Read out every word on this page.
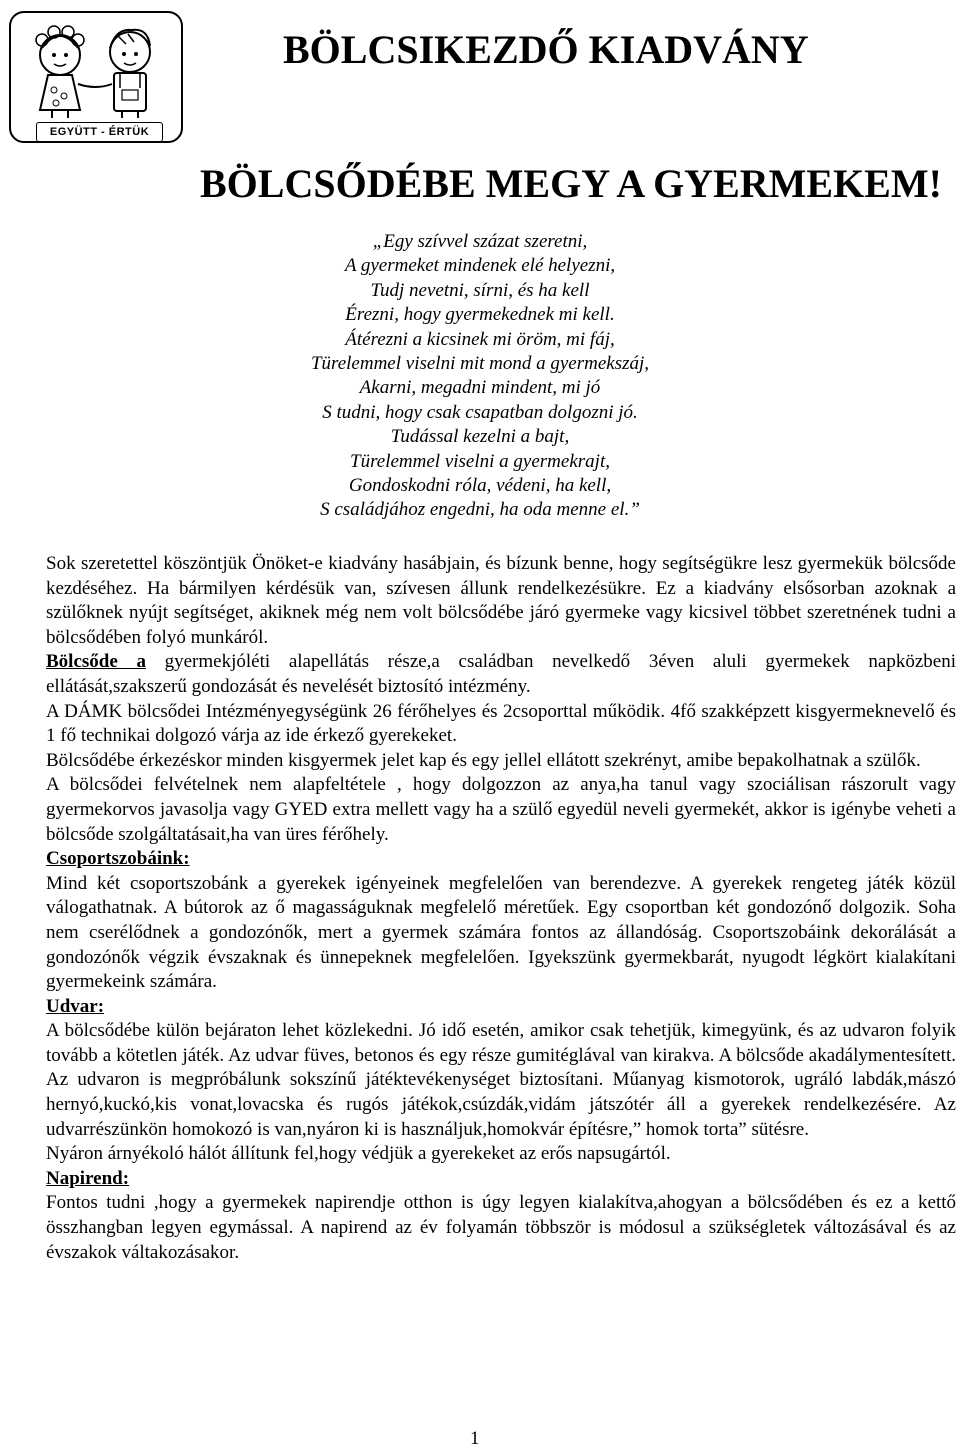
EGYÜTT - ÉRTÜK
BÖLCSIKEZDŐ KIADVÁNY
BÖLCSŐDÉBE MEGY A GYERMEKEM!
„Egy szívvel százat szeretni,
A gyermeket mindenek elé helyezni,
Tudj nevetni, sírni, és ha kell
Érezni, hogy gyermekednek mi kell.
Átérezni a kicsinek mi öröm, mi fáj,
Türelemmel viselni mit mond a gyermekszáj,
Akarni, megadni mindent, mi jó
S tudni, hogy csak csapatban dolgozni jó.
Tudással kezelni a bajt,
Türelemmel viselni a gyermekrajt,
Gondoskodni róla, védeni, ha kell,
S családjához engedni, ha oda menne el.”

Sok szeretettel köszöntjük Önöket-e kiadvány hasábjain, és bízunk benne, hogy segítségükre lesz gyermekük bölcsőde kezdéséhez. Ha bármilyen kérdésük van, szívesen állunk rendelkezésükre. Ez a kiadvány elsősorban azoknak a szülőknek nyújt segítséget, akiknek még nem volt bölcsődébe járó gyermeke vagy kicsivel többet szeretnének tudni a bölcsődében folyó munkáról.

Bölcsőde a gyermekjóléti alapellátás része,a családban nevelkedő 3éven aluli gyermekek napközbeni ellátását,szakszerű gondozását és nevelését biztosító intézmény.

A DÁMK bölcsődei Intézményegységünk 26 férőhelyes és 2csoporttal működik. 4fő szakképzett kisgyermeknevelő és 1 fő technikai dolgozó várja az ide érkező gyerekeket.

Bölcsődébe érkezéskor minden kisgyermek jelet kap és egy jellel ellátott szekrényt, amibe bepakolhatnak a szülők.

A bölcsődei felvételnek nem alapfeltétele , hogy dolgozzon az anya,ha tanul vagy szociálisan rászorult vagy gyermekorvos javasolja vagy GYED extra mellett vagy ha a szülő egyedül neveli gyermekét, akkor is igénybe veheti a bölcsőde szolgáltatásait,ha van üres férőhely.

Csoportszobáink:

Mind két csoportszobánk a gyerekek igényeinek megfelelően van berendezve. A gyerekek rengeteg játék közül válogathatnak. A bútorok az ő magasságuknak megfelelő méretűek. Egy csoportban két gondozónő dolgozik. Soha nem cserélődnek a gondozónők, mert a gyermek számára fontos az állandóság. Csoportszobáink dekorálását a gondozónők végzik évszaknak és ünnepeknek megfelelően. Igyekszünk gyermekbarát, nyugodt légkört kialakítani gyermekeink számára.

Udvar:

A bölcsődébe külön bejáraton lehet közlekedni. Jó idő esetén, amikor csak tehetjük, kimegyünk, és az udvaron folyik tovább a kötetlen játék. Az udvar füves, betonos és egy része gumitéglával van kirakva. A bölcsőde akadálymentesített. Az udvaron is megpróbálunk sokszínű játéktevékenységet biztosítani. Műanyag kismotorok, ugráló labdák,mászó hernyó,kuckó,kis vonat,lovacska és rugós játékok,csúzdák,vidám játszótér áll a gyerekek rendelkezésére. Az udvarrészünkön homokozó is van,nyáron ki is használjuk,homokvár építésre,” homok torta” sütésre.

Nyáron árnyékoló hálót állítunk fel,hogy védjük a gyerekeket az erős napsugártól.

Napirend:

Fontos tudni ,hogy a gyermekek napirendje otthon is úgy legyen kialakítva,ahogyan a bölcsődében és ez a kettő összhangban legyen egymással. A napirend az év folyamán többször is módosul a szükségletek változásával és az évszakok váltakozásakor.

1
